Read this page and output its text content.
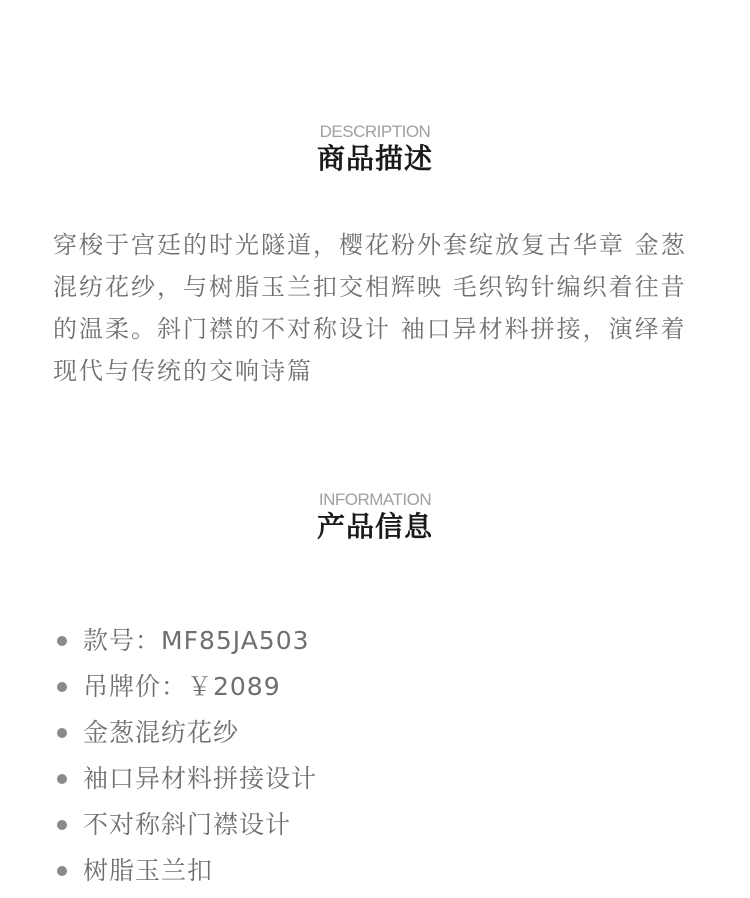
DESCRIPTION
商品描述
穿梭于宫廷的时光隧道，樱花粉外套绽放复古华章 金葱混纺花纱，与树脂玉兰扣交相辉映 毛织钩针编织着往昔的温柔。斜门襟的不对称设计 袖口异材料拼接，演绎着现代与传统的交响诗篇
INFORMATION
产品信息
款号：MF85JA503
吊牌价：￥2089
金葱混纺花纱
袖口异材料拼接设计
不对称斜门襟设计
树脂玉兰扣
